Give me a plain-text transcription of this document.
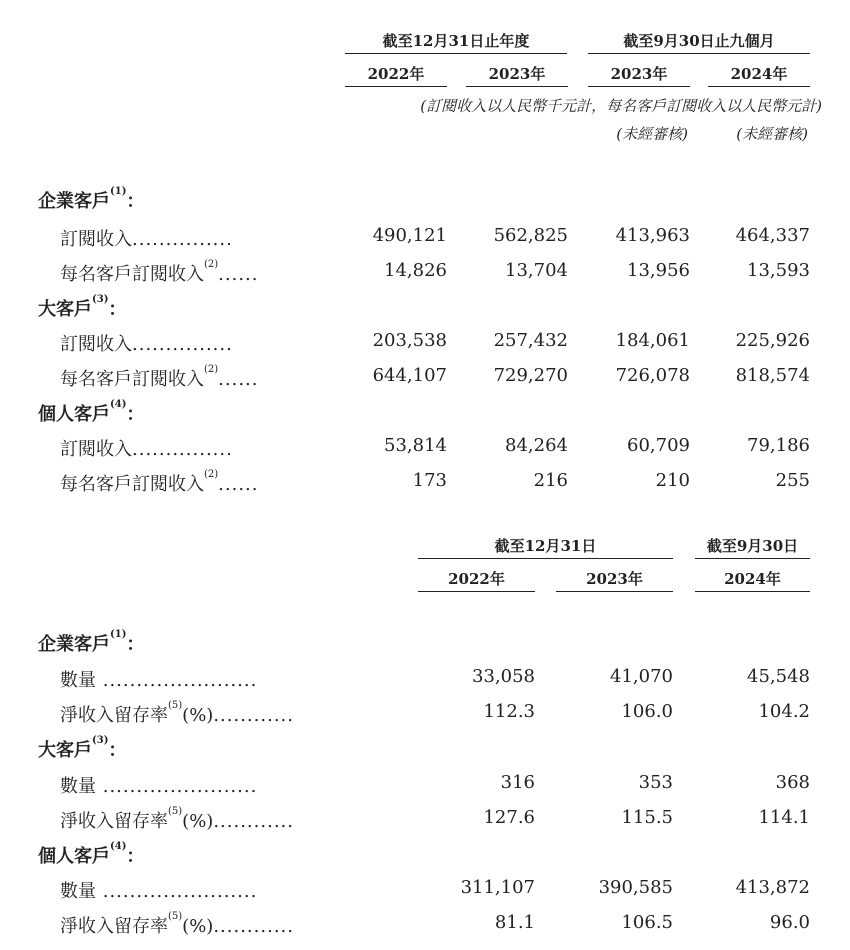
截至12月31日止年度	截至9月30日止九個月
2022年	2023年	2023年	2024年
(訂閱收入以人民幣千元計，每名客戶訂閱收入以人民幣元計)
(未經審核)	(未經審核)
企業客戶$^{(1)}$：
訂閱收入...............	490,121	562,825	413,963	464,337
每名客戶訂閱收入$^{(2)}$......	14,826	13,704	13,956	13,593
大客戶$^{(3)}$：
訂閱收入...............	203,538	257,432	184,061	225,926
每名客戶訂閱收入$^{(2)}$......	644,107	729,270	726,078	818,574
個人客戶$^{(4)}$：
訂閱收入...............	53,814	84,264	60,709	79,186
每名客戶訂閱收入$^{(2)}$......	173	216	210	255
截至12月31日	截至9月30日
2022年	2023年	2024年
企業客戶$^{(1)}$：
數量 .......................	33,058	41,070	45,548
淨收入留存率$^{(5)}$(%)............	112.3	106.0	104.2
大客戶$^{(3)}$：
數量 .......................	316	353	368
淨收入留存率$^{(5)}$(%)............	127.6	115.5	114.1
個人客戶$^{(4)}$：
數量 .......................	311,107	390,585	413,872
淨收入留存率$^{(5)}$(%)............	81.1	106.5	96.0
